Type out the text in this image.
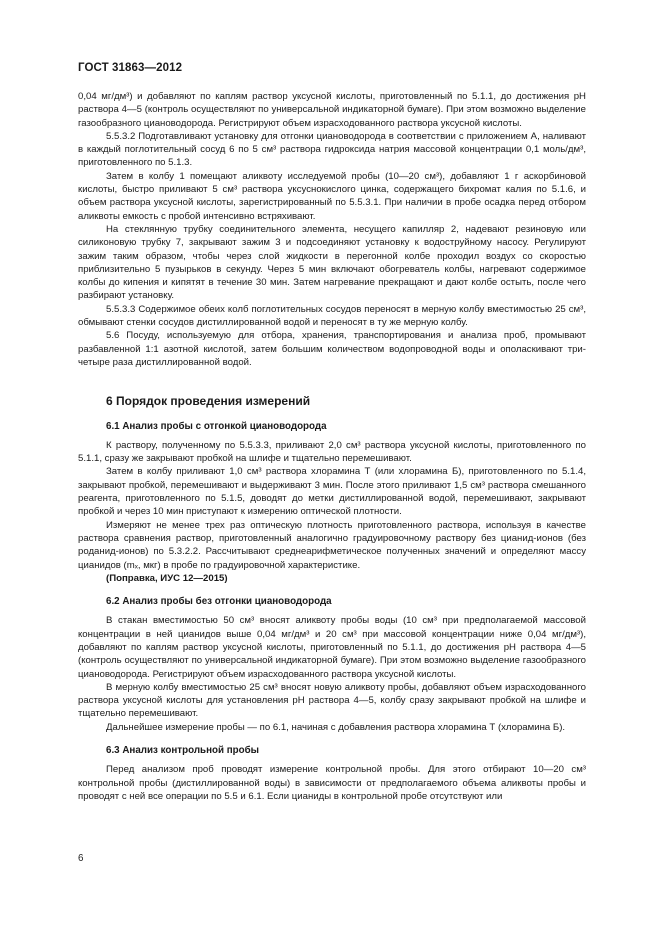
ГОСТ 31863—2012

0,04 мг/дм³) и добавляют по каплям раствор уксусной кислоты, приготовленный по 5.1.1, до достижения pH раствора 4—5 (контроль осуществляют по универсальной индикаторной бумаге). При этом возможно выделение газообразного циановодорода. Регистрируют объем израсходованного раствора уксусной кислоты.

5.5.3.2 Подготавливают установку для отгонки циановодорода в соответствии с приложением А, наливают в каждый поглотительный сосуд 6 по 5 см³ раствора гидроксида натрия массовой концентрации 0,1 моль/дм³, приготовленного по 5.1.3.

Затем в колбу 1 помещают аликвоту исследуемой пробы (10—20 см³), добавляют 1 г аскорбиновой кислоты, быстро приливают 5 см³ раствора уксуснокислого цинка, содержащего бихромат калия по 5.1.6, и объем раствора уксусной кислоты, зарегистрированный по 5.5.3.1. При наличии в пробе осадка перед отбором аликвоты емкость с пробой интенсивно встряхивают.

На стеклянную трубку соединительного элемента, несущего капилляр 2, надевают резиновую или силиконовую трубку 7, закрывают зажим 3 и подсоединяют установку к водоструйному насосу. Регулируют зажим таким образом, чтобы через слой жидкости в перегонной колбе проходил воздух со скоростью приблизительно 5 пузырьков в секунду. Через 5 мин включают обогреватель колбы, нагревают содержимое колбы до кипения и кипятят в течение 30 мин. Затем нагревание прекращают и дают колбе остыть, после чего разбирают установку.

5.5.3.3 Содержимое обеих колб поглотительных сосудов переносят в мерную колбу вместимостью 25 см³, обмывают стенки сосудов дистиллированной водой и переносят в ту же мерную колбу.

5.6 Посуду, используемую для отбора, хранения, транспортирования и анализа проб, промывают разбавленной 1:1 азотной кислотой, затем большим количеством водопроводной воды и ополаскивают три-четыре раза дистиллированной водой.

6 Порядок проведения измерений
6.1 Анализ пробы с отгонкой циановодорода

К раствору, полученному по 5.5.3.3, приливают 2,0 см³ раствора уксусной кислоты, приготовленного по 5.1.1, сразу же закрывают пробкой на шлифе и тщательно перемешивают.

Затем в колбу приливают 1,0 см³ раствора хлорамина Т (или хлорамина Б), приготовленного по 5.1.4, закрывают пробкой, перемешивают и выдерживают 3 мин. После этого приливают 1,5 см³ раствора смешанного реагента, приготовленного по 5.1.5, доводят до метки дистиллированной водой, перемешивают, закрывают пробкой и через 10 мин приступают к измерению оптической плотности.

Измеряют не менее трех раз оптическую плотность приготовленного раствора, используя в качестве раствора сравнения раствор, приготовленный аналогично градуировочному раствору без цианид-ионов (без роданид-ионов) по 5.3.2.2. Рассчитывают среднеарифметическое полученных значений и определяют массу цианидов (mₓ, мкг) в пробе по градуировочной характеристике.

(Поправка, ИУС 12—2015)

6.2 Анализ пробы без отгонки циановодорода

В стакан вместимостью 50 см³ вносят аликвоту пробы воды (10 см³ при предполагаемой массовой концентрации в ней цианидов выше 0,04 мг/дм³ и 20 см³ при массовой концентрации ниже 0,04 мг/дм³), добавляют по каплям раствор уксусной кислоты, приготовленный по 5.1.1, до достижения pH раствора 4—5 (контроль осуществляют по универсальной индикаторной бумаге). При этом возможно выделение газообразного циановодорода. Регистрируют объем израсходованного раствора уксусной кислоты.

В мерную колбу вместимостью 25 см³ вносят новую аликвоту пробы, добавляют объем израсходованного раствора уксусной кислоты для установления pH раствора 4—5, колбу сразу закрывают пробкой на шлифе и тщательно перемешивают.

Дальнейшее измерение пробы — по 6.1, начиная с добавления раствора хлорамина Т (хлорамина Б).

6.3 Анализ контрольной пробы

Перед анализом проб проводят измерение контрольной пробы. Для этого отбирают 10—20 см³ контрольной пробы (дистиллированной воды) в зависимости от предполагаемого объема аликвоты пробы и проводят с ней все операции по 5.5 и 6.1. Если цианиды в контрольной пробе отсутствуют или

6
